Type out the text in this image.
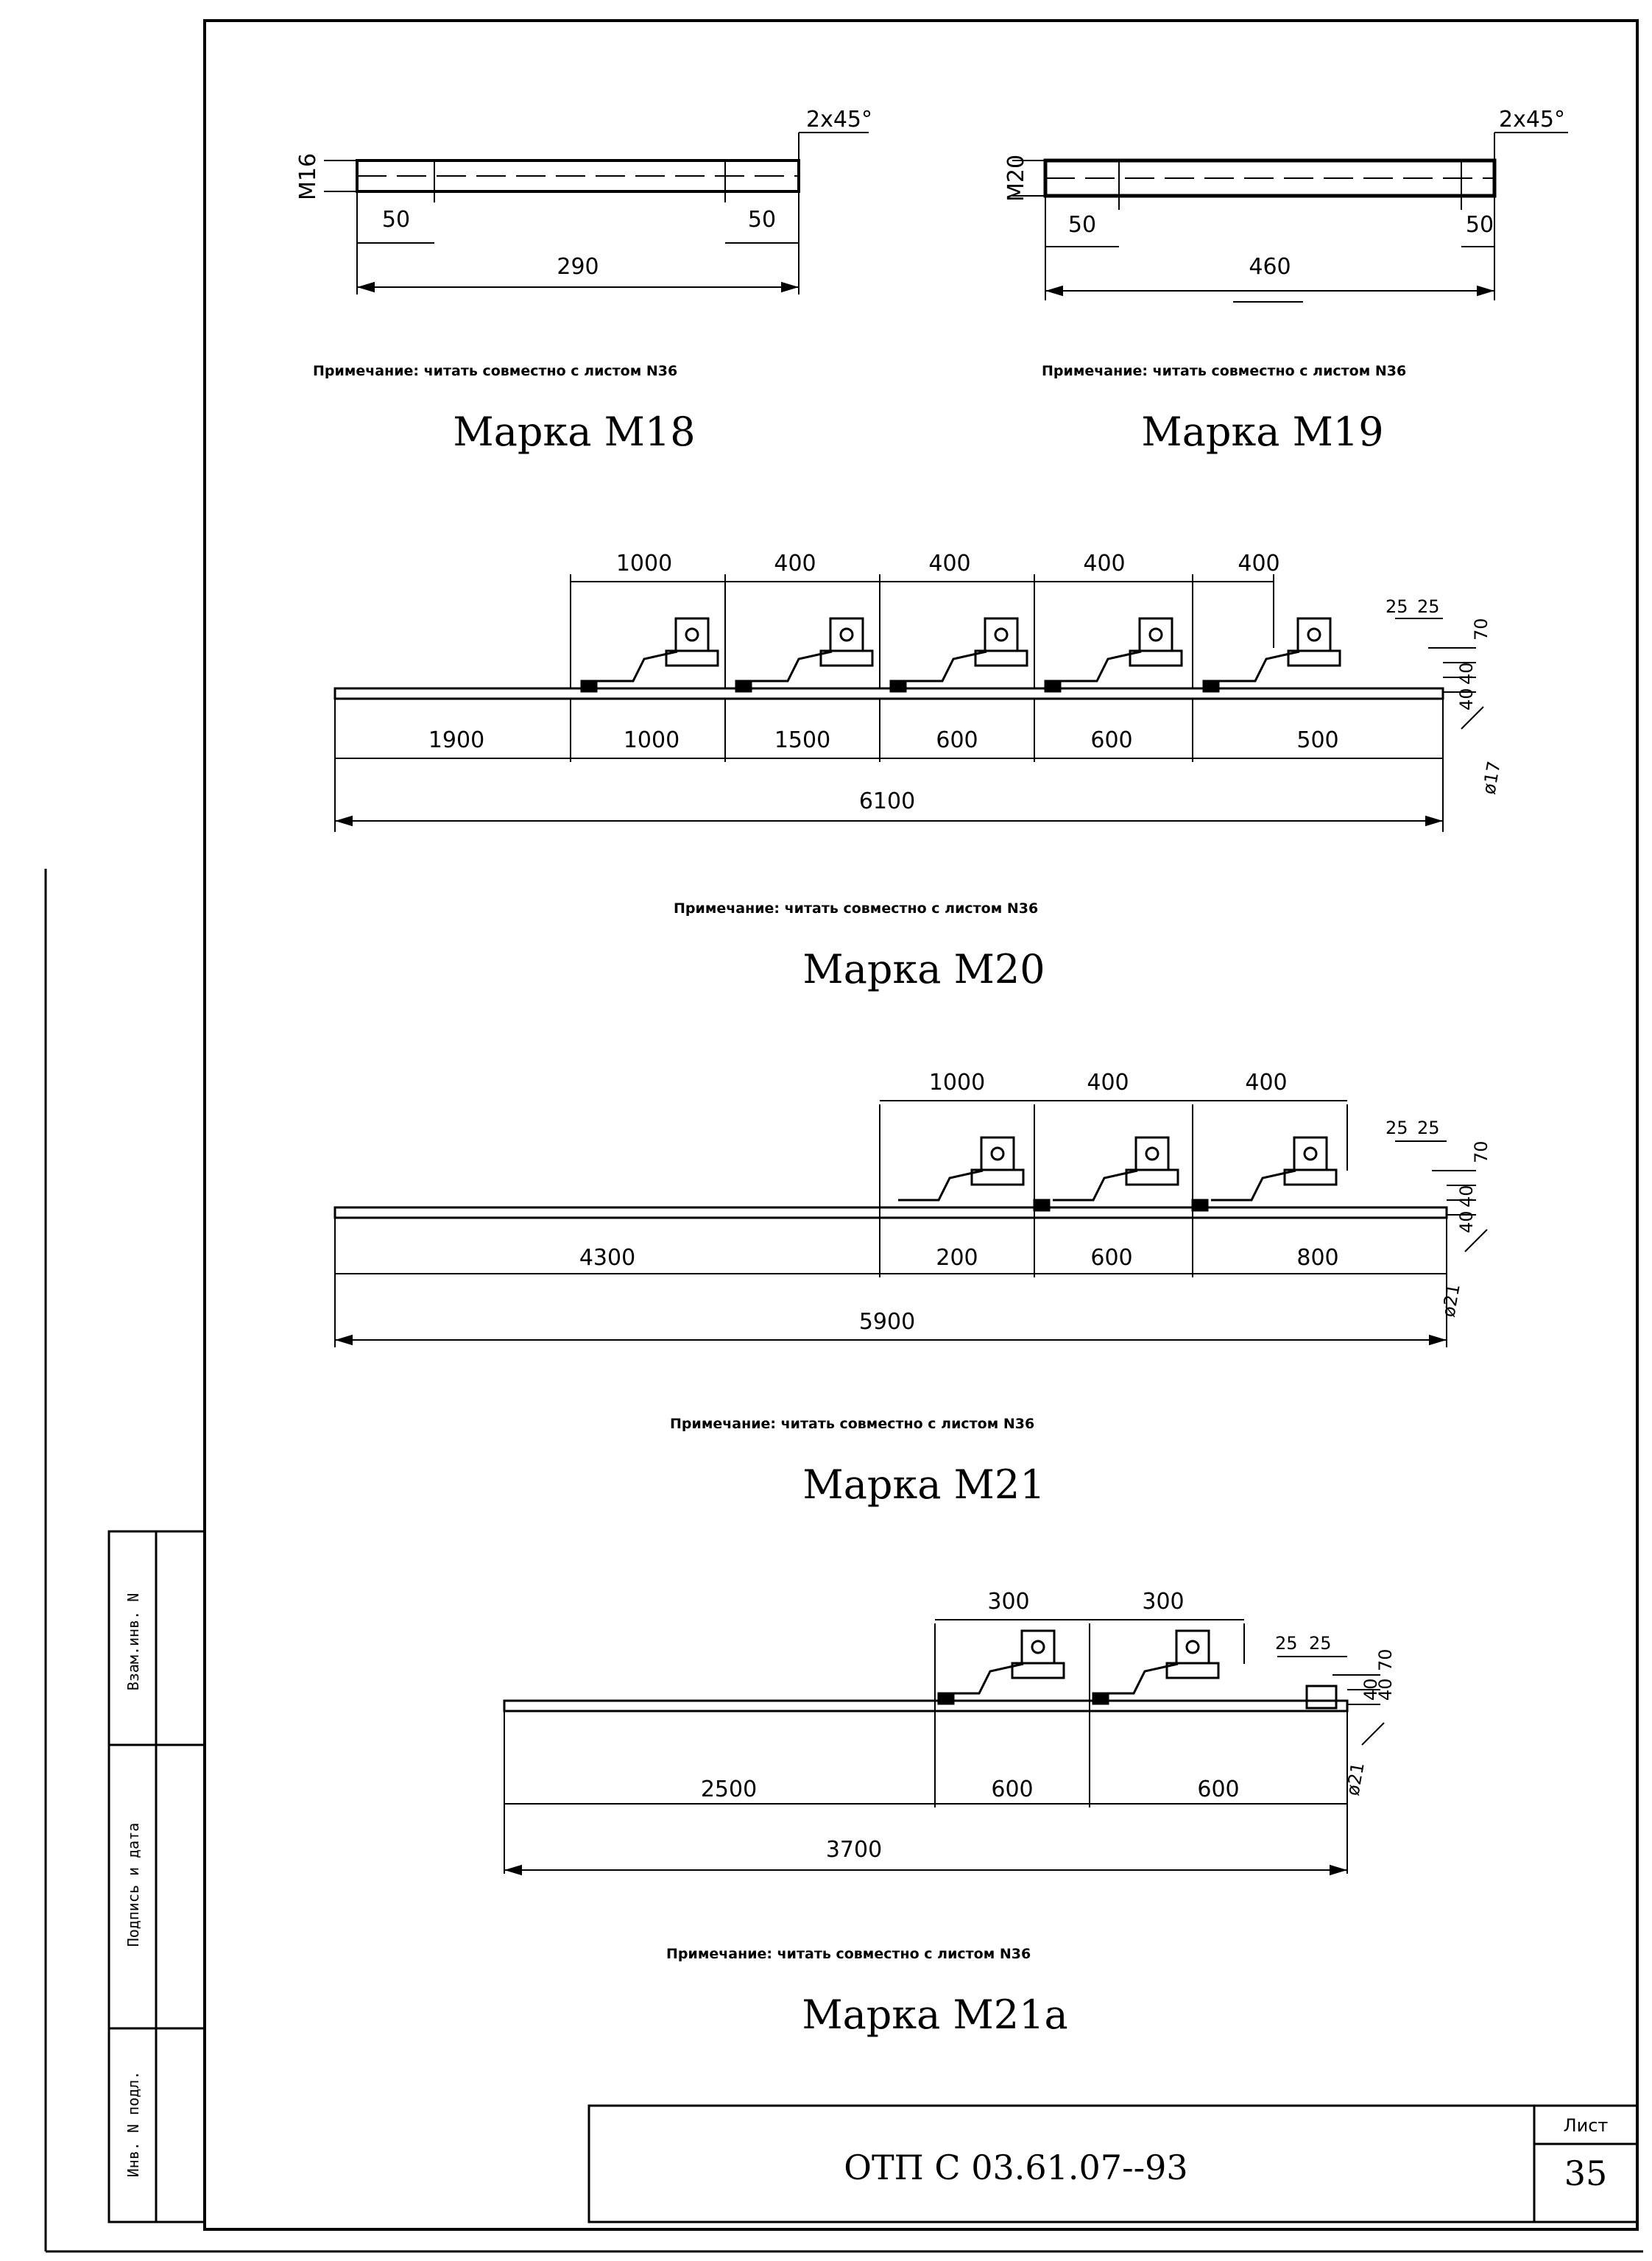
Взам.инв. N
Подпись и дата
Инв. N подл.	ОТП С 03.61.07--93
Лист
35
2x45°
M16
50	50
290
Примечание: читать совместно с листом N36
Марка М18
2x45°
M20
50	50
460
Примечание: читать совместно с листом N36
Марка М19
1000	400	400	400	400
1900	1000	1500	600	600	500
6100
25 25
70
40
40
ø17
Примечание: читать совместно с листом N36
Марка М20
1000	400	400
4300	200	600	800
5900
25 25
70
40
40
ø21
Примечание: читать совместно с листом N36
Марка М21
300	300
2500	600	600
3700
25 25
70
40
40
ø21
Примечание: читать совместно с листом N36
Марка М21а
